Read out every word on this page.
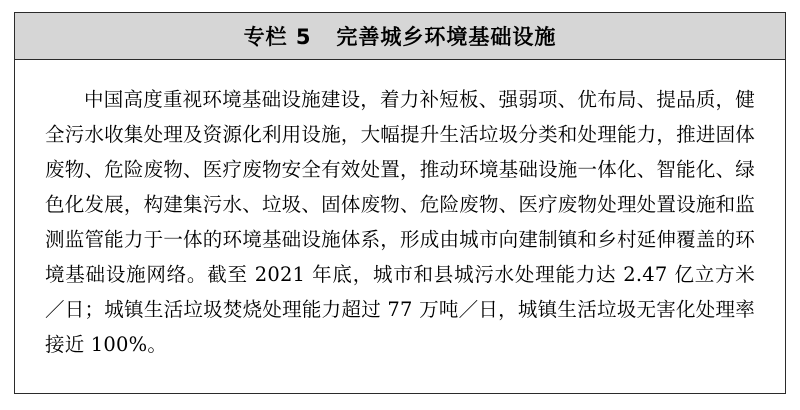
专栏 5   完善城乡环境基础设施

中国高度重视环境基础设施建设，着力补短板、强弱项、优布局、提品质，健全污水收集处理及资源化利用设施，大幅提升生活垃圾分类和处理能力，推进固体废物、危险废物、医疗废物安全有效处置，推动环境基础设施一体化、智能化、绿色化发展，构建集污水、垃圾、固体废物、危险废物、医疗废物处理处置设施和监测监管能力于一体的环境基础设施体系，形成由城市向建制镇和乡村延伸覆盖的环境基础设施网络。截至 2021 年底，城市和县城污水处理能力达 2.47 亿立方米／日；城镇生活垃圾焚烧处理能力超过 77 万吨／日，城镇生活垃圾无害化处理率接近 100%。
